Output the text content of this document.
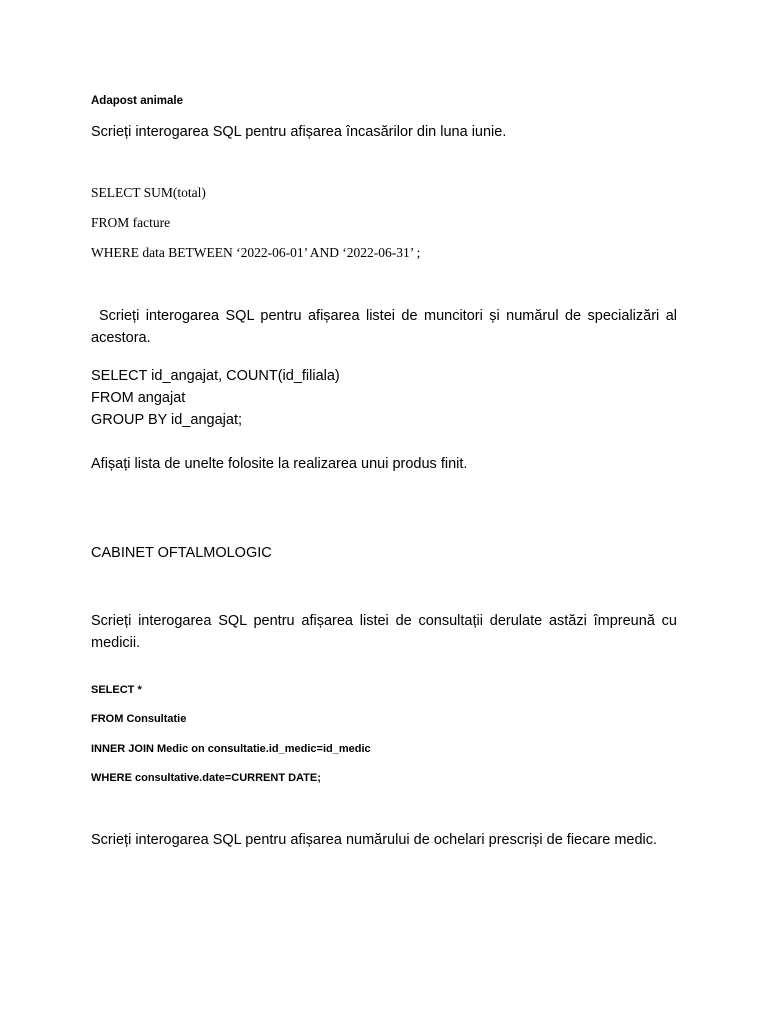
Adapost animale

Scrieți interogarea SQL pentru afișarea încasărilor din luna iunie.

SELECT SUM(total)

FROM facture

WHERE data BETWEEN ‘2022-06-01’ AND ‘2022-06-31’ ;

Scrieți interogarea SQL pentru afișarea listei de muncitori și numărul de specializări al acestora.

SELECT id_angajat, COUNT(id_filiala)

FROM angajat

GROUP BY id_angajat;

Afișați lista de unelte folosite la realizarea unui produs finit.

CABINET OFTALMOLOGIC

Scrieți interogarea SQL pentru afișarea listei de consultații derulate astăzi împreună cu medicii.

SELECT *

FROM Consultatie

INNER JOIN Medic on consultatie.id_medic=id_medic

WHERE consultative.date=CURRENT DATE;

Scrieți interogarea SQL pentru afișarea numărului de ochelari prescriși de fiecare medic.
